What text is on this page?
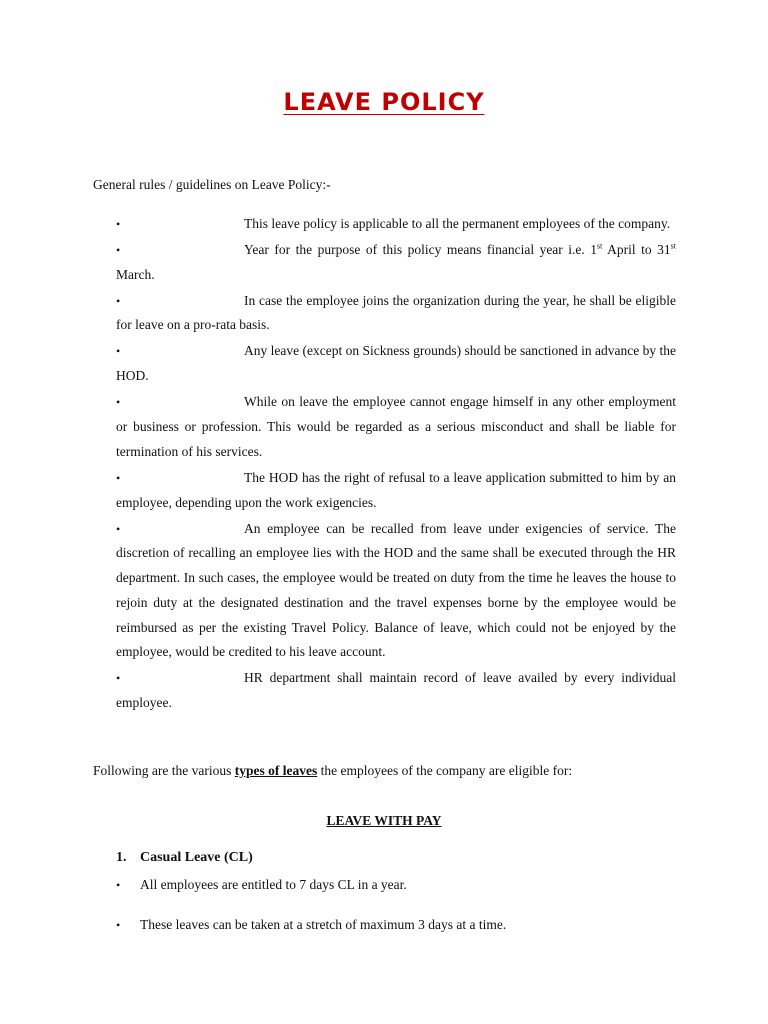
LEAVE POLICY
General rules / guidelines on Leave Policy:-
•	This leave policy is applicable to all the permanent employees of the company.
•	Year for the purpose of this policy means financial year i.e. 1st April to 31st March.
•	In case the employee joins the organization during the year, he shall be eligible for leave on a pro-rata basis.
•	Any leave (except on Sickness grounds) should be sanctioned in advance by the HOD.
•	While on leave the employee cannot engage himself in any other employment or business or profession. This would be regarded as a serious misconduct and shall be liable for termination of his services.
•	The HOD has the right of refusal to a leave application submitted to him by an employee, depending upon the work exigencies.
•	An employee can be recalled from leave under exigencies of service. The discretion of recalling an employee lies with the HOD and the same shall be executed through the HR department. In such cases, the employee would be treated on duty from the time he leaves the house to rejoin duty at the designated destination and the travel expenses borne by the employee would be reimbursed as per the existing Travel Policy. Balance of leave, which could not be enjoyed by the employee, would be credited to his leave account.
•	HR department shall maintain record of leave availed by every individual employee.
Following are the various types of leaves the employees of the company are eligible for:
LEAVE WITH PAY
1. Casual Leave (CL)
• All employees are entitled to 7 days CL in a year.
• These leaves can be taken at a stretch of maximum 3 days at a time.
